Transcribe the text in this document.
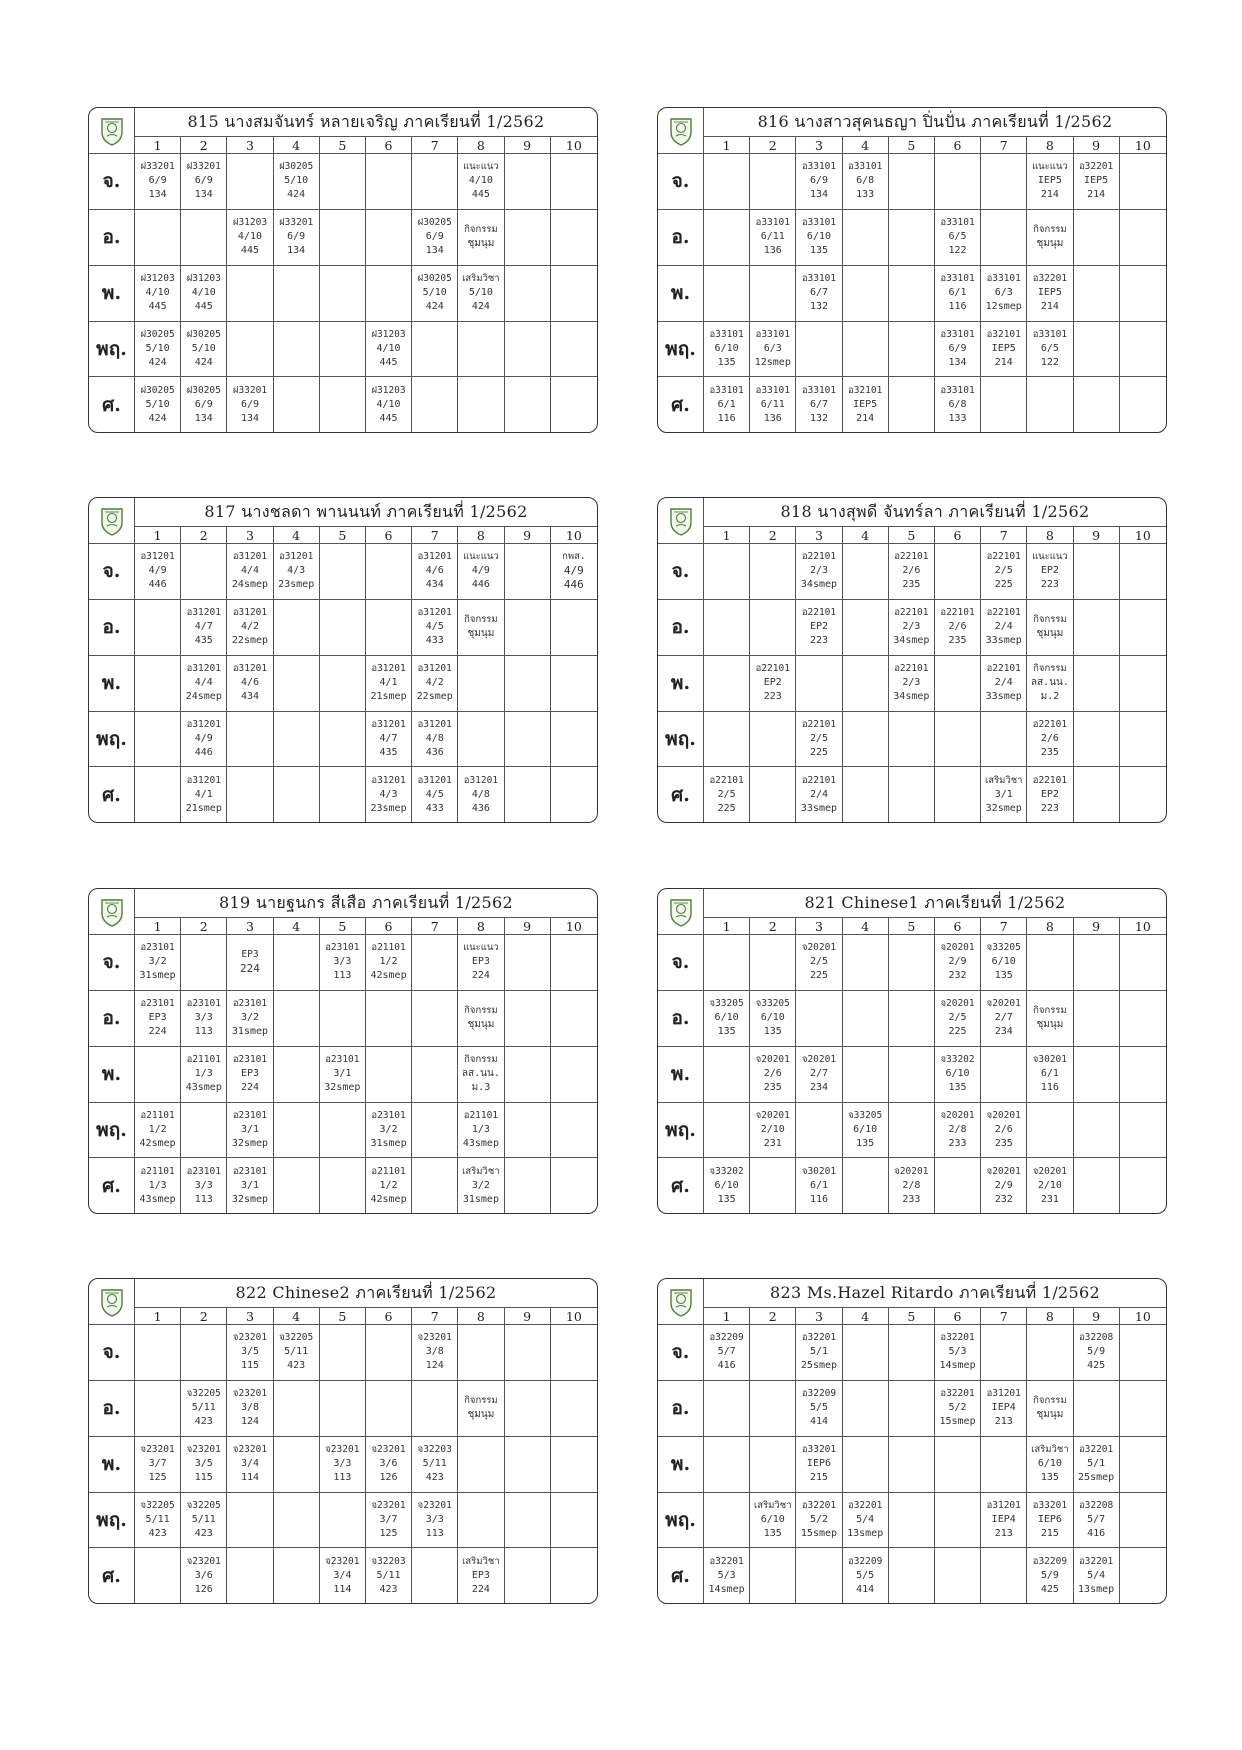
	815 นางสมจันทร์ หลายเจริญ ภาคเรียนที่ 1/2562									
	1	2	3	4	5	6	7	8	9	10
จ.	ฝ33201
6/9
134	ฝ33201
6/9
134		ฝ30205
5/10
424				แนะแนว
4/10
445		

อ.			ฝ31203
4/10
445	ฝ33201
6/9
134			ฝ30205
6/9
134	กิจกรรม
ชุมนุม		

พ.	ฝ31203
4/10
445	ฝ31203
4/10
445					ฝ30205
5/10
424	เสริมวิชา
5/10
424		

พฤ.	ฝ30205
5/10
424	ฝ30205
5/10
424				ฝ31203
4/10
445				

ศ.	ฝ30205
5/10
424	ฝ30205
6/9
134	ฝ33201
6/9
134			ฝ31203
4/10
445				

	816 นางสาวสุคนธญา ปิ่นปั่น ภาคเรียนที่ 1/2562									
	1	2	3	4	5	6	7	8	9	10
จ.			อ33101
6/9
134	อ33101
6/8
133				แนะแนว
IEP5
214	อ32201
IEP5
214	

อ.		อ33101
6/11
136	อ33101
6/10
135			อ33101
6/5
122		กิจกรรม
ชุมนุม		

พ.			อ33101
6/7
132			อ33101
6/1
116	อ33101
6/3
12smep	อ32201
IEP5
214		

พฤ.	อ33101
6/10
135	อ33101
6/3
12smep				อ33101
6/9
134	อ32101
IEP5
214	อ33101
6/5
122		

ศ.	อ33101
6/1
116	อ33101
6/11
136	อ33101
6/7
132	อ32101
IEP5
214		อ33101
6/8
133				

	817 นางชลดา พานนนท์ ภาคเรียนที่ 1/2562									
	1	2	3	4	5	6	7	8	9	10
จ.	อ31201
4/9
446		อ31201
4/4
24smep	อ31201
4/3
23smep			อ31201
4/6
434	แนะแนว
4/9
446		กพส.
4/9
446

อ.		อ31201
4/7
435	อ31201
4/2
22smep				อ31201
4/5
433	กิจกรรม
ชุมนุม		

พ.		อ31201
4/4
24smep	อ31201
4/6
434			อ31201
4/1
21smep	อ31201
4/2
22smep			

พฤ.		อ31201
4/9
446				อ31201
4/7
435	อ31201
4/8
436			

ศ.		อ31201
4/1
21smep				อ31201
4/3
23smep	อ31201
4/5
433	อ31201
4/8
436		

	818 นางสุพดี จันทร์ลา ภาคเรียนที่ 1/2562									
	1	2	3	4	5	6	7	8	9	10
จ.			อ22101
2/3
34smep		อ22101
2/6
235		อ22101
2/5
225	แนะแนว
EP2
223		

อ.			อ22101
EP2
223		อ22101
2/3
34smep	อ22101
2/6
235	อ22101
2/4
33smep	กิจกรรม
ชุมนุม		

พ.		อ22101
EP2
223			อ22101
2/3
34smep		อ22101
2/4
33smep	กิจกรรม
ลส.นน.
ม.2		

พฤ.			อ22101
2/5
225					อ22101
2/6
235		

ศ.	อ22101
2/5
225		อ22101
2/4
33smep				เสริมวิชา
3/1
32smep	อ22101
EP2
223		

	819 นายฐนกร สีเสือ ภาคเรียนที่ 1/2562									
	1	2	3	4	5	6	7	8	9	10
จ.	อ23101
3/2
31smep		EP3
224		อ23101
3/3
113	อ21101
1/2
42smep		แนะแนว
EP3
224		

อ.	อ23101
EP3
224	อ23101
3/3
113	อ23101
3/2
31smep					กิจกรรม
ชุมนุม		

พ.		อ21101
1/3
43smep	อ23101
EP3
224		อ23101
3/1
32smep			กิจกรรม
ลส.นน.
ม.3		

พฤ.	อ21101
1/2
42smep		อ23101
3/1
32smep			อ23101
3/2
31smep		อ21101
1/3
43smep		

ศ.	อ21101
1/3
43smep	อ23101
3/3
113	อ23101
3/1
32smep			อ21101
1/2
42smep		เสริมวิชา
3/2
31smep		

	821 Chinese1 ภาคเรียนที่ 1/2562									
	1	2	3	4	5	6	7	8	9	10
จ.			จ20201
2/5
225			จ20201
2/9
232	จ33205
6/10
135			

อ.	จ33205
6/10
135	จ33205
6/10
135				จ20201
2/5
225	จ20201
2/7
234	กิจกรรม
ชุมนุม		

พ.		จ20201
2/6
235	จ20201
2/7
234			จ33202
6/10
135		จ30201
6/1
116		

พฤ.		จ20201
2/10
231		จ33205
6/10
135		จ20201
2/8
233	จ20201
2/6
235			

ศ.	จ33202
6/10
135		จ30201
6/1
116		จ20201
2/8
233		จ20201
2/9
232	จ20201
2/10
231		

	822 Chinese2 ภาคเรียนที่ 1/2562									
	1	2	3	4	5	6	7	8	9	10
จ.			จ23201
3/5
115	จ32205
5/11
423			จ23201
3/8
124			

อ.		จ32205
5/11
423	จ23201
3/8
124					กิจกรรม
ชุมนุม		

พ.	จ23201
3/7
125	จ23201
3/5
115	จ23201
3/4
114		จ23201
3/3
113	จ23201
3/6
126	จ32203
5/11
423			

พฤ.	จ32205
5/11
423	จ32205
5/11
423				จ23201
3/7
125	จ23201
3/3
113			

ศ.		จ23201
3/6
126			จ23201
3/4
114	จ32203
5/11
423		เสริมวิชา
EP3
224		

	823 Ms.Hazel Ritardo ภาคเรียนที่ 1/2562									
	1	2	3	4	5	6	7	8	9	10
จ.	อ32209
5/7
416		อ32201
5/1
25smep			อ32201
5/3
14smep			อ32208
5/9
425	

อ.			อ32209
5/5
414			อ32201
5/2
15smep	อ31201
IEP4
213	กิจกรรม
ชุมนุม		

พ.			อ33201
IEP6
215					เสริมวิชา
6/10
135	อ32201
5/1
25smep	

พฤ.		เสริมวิชา
6/10
135	อ32201
5/2
15smep	อ32201
5/4
13smep			อ31201
IEP4
213	อ33201
IEP6
215	อ32208
5/7
416	

ศ.	อ32201
5/3
14smep			อ32209
5/5
414				อ32209
5/9
425	อ32201
5/4
13smep	
